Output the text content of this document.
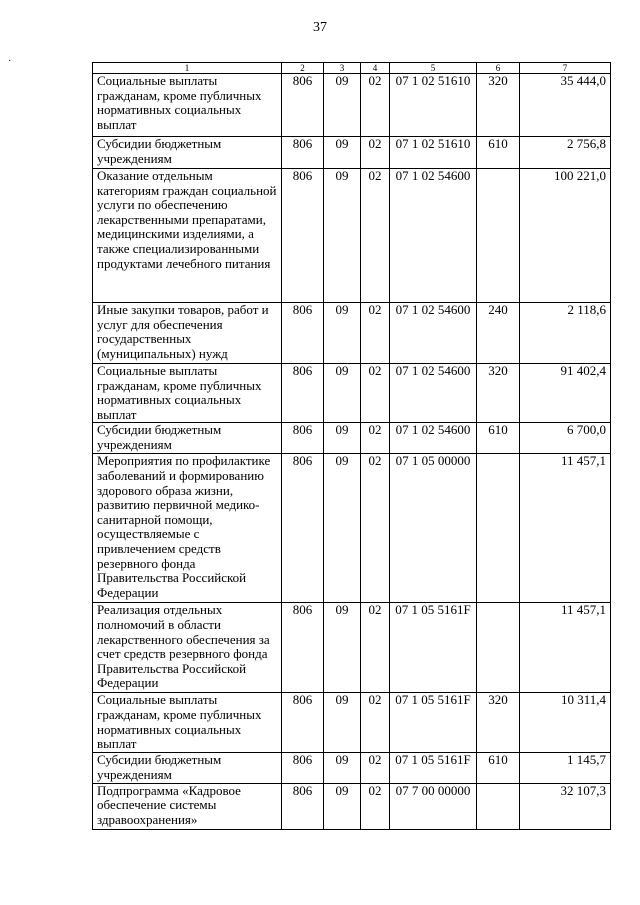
37
·
1	2	3	4	5	6	7
Социальные выплаты гражданам, кроме публичных нормативных социальных выплат	806	09	02	07 1 02 51610	320	35 444,0
Субсидии бюджетным учреждениям	806	09	02	07 1 02 51610	610	2 756,8
Оказание отдельным категориям граждан социальной услуги по обеспечению лекарственными препаратами, медицинскими изделиями, а также специализированными продуктами лечебного питания	806	09	02	07 1 02 54600		100 221,0
Иные закупки товаров, работ и услуг для обеспечения государственных (муниципальных) нужд	806	09	02	07 1 02 54600	240	2 118,6
Социальные выплаты гражданам, кроме публичных нормативных социальных выплат	806	09	02	07 1 02 54600	320	91 402,4
Субсидии бюджетным учреждениям	806	09	02	07 1 02 54600	610	6 700,0
Мероприятия по профилактике заболеваний и формированию здорового образа жизни, развитию первичной медико-санитарной помощи, осуществляемые с привлечением средств резервного фонда Правительства Российской Федерации	806	09	02	07 1 05 00000		11 457,1
Реализация отдельных полномочий в области лекарственного обеспечения за счет средств резервного фонда Правительства Российской Федерации	806	09	02	07 1 05 5161F		11 457,1
Социальные выплаты гражданам, кроме публичных нормативных социальных выплат	806	09	02	07 1 05 5161F	320	10 311,4
Субсидии бюджетным учреждениям	806	09	02	07 1 05 5161F	610	1 145,7
Подпрограмма «Кадровое обеспечение системы здравоохранения»	806	09	02	07 7 00 00000		32 107,3
